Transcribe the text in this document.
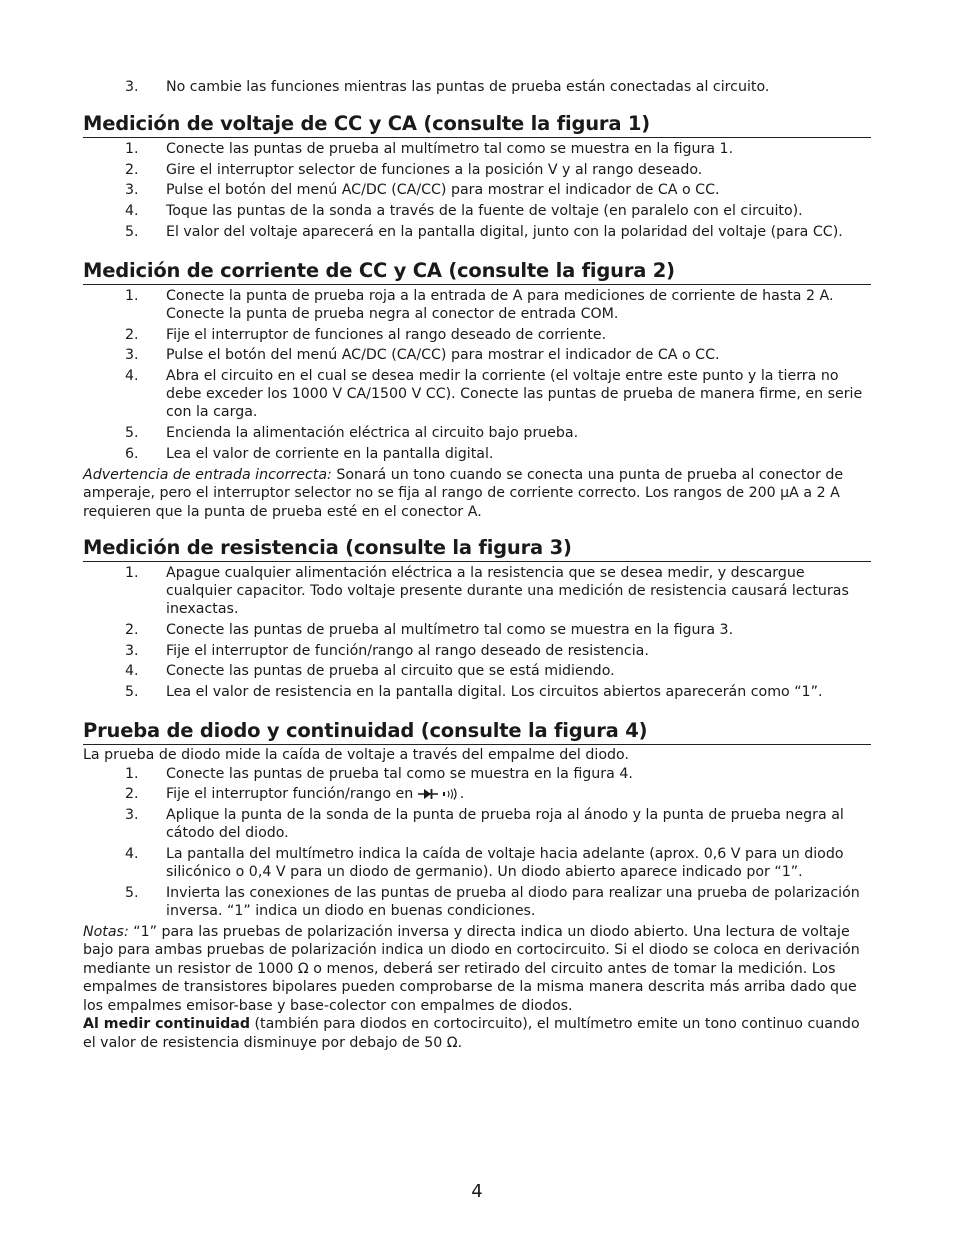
3.	No cambie las funciones mientras las puntas de prueba están conectadas al circuito.
Medición de voltaje de CC y CA (consulte la figura 1)
1.	Conecte las puntas de prueba al multímetro tal como se muestra en la figura 1.
2.	Gire el interruptor selector de funciones a la posición V y al rango deseado.
3.	Pulse el botón del menú AC/DC (CA/CC) para mostrar el indicador de CA o CC.
4.	Toque las puntas de la sonda a través de la fuente de voltaje (en paralelo con el circuito).
5.	El valor del voltaje aparecerá en la pantalla digital, junto con la polaridad del voltaje (para CC).
Medición de corriente de CC y CA (consulte la figura 2)
1.	Conecte la punta de prueba roja a la entrada de A para mediciones de corriente de hasta 2 A. Conecte la punta de prueba negra al conector de entrada COM.
2.	Fije el interruptor de funciones al rango deseado de corriente.
3.	Pulse el botón del menú AC/DC (CA/CC) para mostrar el indicador de CA o CC.
4.	Abra el circuito en el cual se desea medir la corriente (el voltaje entre este punto y la tierra no debe exceder los 1000 V CA/1500 V CC). Conecte las puntas de prueba de manera firme, en serie con la carga.
5.	Encienda la alimentación eléctrica al circuito bajo prueba.
6.	Lea el valor de corriente en la pantalla digital.

Advertencia de entrada incorrecta: Sonará un tono cuando se conecta una punta de prueba al conector de amperaje, pero el interruptor selector no se fija al rango de corriente correcto. Los rangos de 200 µA a 2 A requieren que la punta de prueba esté en el conector A.

Medición de resistencia (consulte la figura 3)
1.	Apague cualquier alimentación eléctrica a la resistencia que se desea medir, y descargue cualquier capacitor. Todo voltaje presente durante una medición de resistencia causará lecturas inexactas.
2.	Conecte las puntas de prueba al multímetro tal como se muestra en la figura 3.
3.	Fije el interruptor de función/rango al rango deseado de resistencia.
4.	Conecte las puntas de prueba al circuito que se está midiendo.
5.	Lea el valor de resistencia en la pantalla digital. Los circuitos abiertos aparecerán como “1”.
Prueba de diodo y continuidad (consulte la figura 4)

La prueba de diodo mide la caída de voltaje a través del empalme del diodo.

1.	Conecte las puntas de prueba tal como se muestra en la figura 4.
2.	Fije el interruptor función/rango en	.
3.	Aplique la punta de la sonda de la punta de prueba roja al ánodo y la punta de prueba negra al cátodo del diodo.
4.	La pantalla del multímetro indica la caída de voltaje hacia adelante (aprox. 0,6 V para un diodo silicónico o 0,4 V para un diodo de germanio). Un diodo abierto aparece indicado por “1”.
5.	Invierta las conexiones de las puntas de prueba al diodo para realizar una prueba de polarización inversa. “1” indica un diodo en buenas condiciones.

Notas: “1” para las pruebas de polarización inversa y directa indica un diodo abierto. Una lectura de voltaje bajo para ambas pruebas de polarización indica un diodo en cortocircuito. Si el diodo se coloca en derivación mediante un resistor de 1000 Ω o menos, deberá ser retirado del circuito antes de tomar la medición. Los empalmes de transistores bipolares pueden comprobarse de la misma manera descrita más arriba dado que los empalmes emisor-base y base-colector con empalmes de diodos.

Al medir continuidad (también para diodos en cortocircuito), el multímetro emite un tono continuo cuando el valor de resistencia disminuye por debajo de 50 Ω.

4
